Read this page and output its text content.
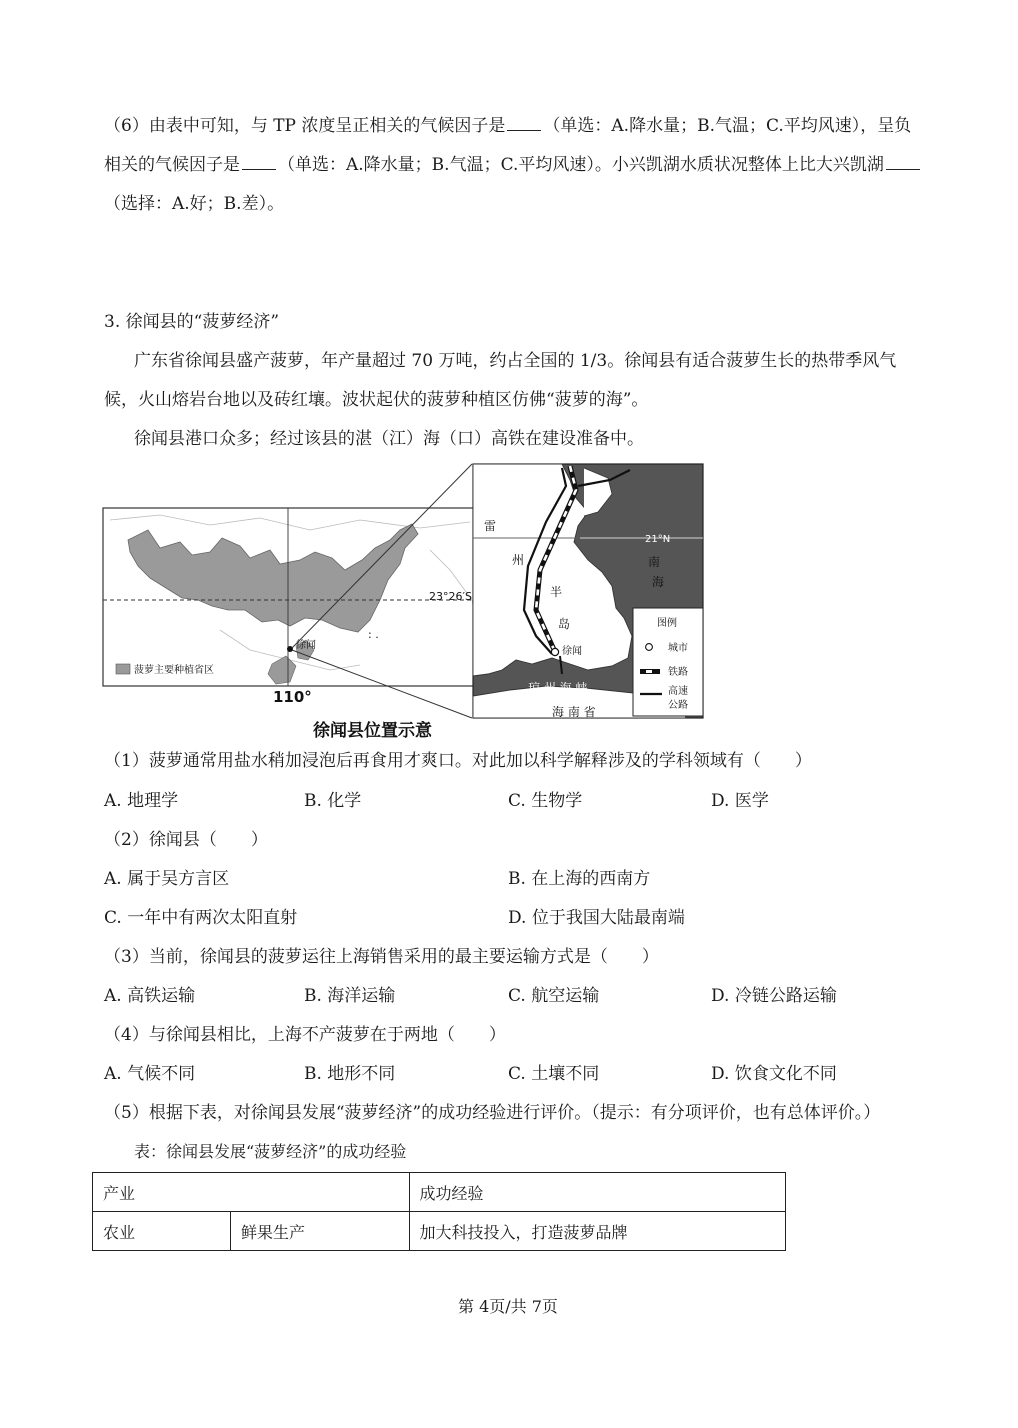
（6）由表中可知，与 TP 浓度呈正相关的气候因子是 （单选：A.降水量；B.气温；C.平均风速），呈负
相关的气候因子是 （单选：A.降水量；B.气温；C.平均风速）。小兴凯湖水质状况整体上比大兴凯湖
（选择：A.好；B.差）。
3. 徐闻县的“菠萝经济”
广东省徐闻县盛产菠萝，年产量超过 70 万吨，约占全国的 1/3。徐闻县有适合菠萝生长的热带季风气
候，火山熔岩台地以及砖红壤。波状起伏的菠萝种植区仿佛“菠萝的海”。
徐闻县港口众多；经过该县的湛（江）海（口）高铁在建设准备中。
23°26′S
徐闻
: .
菠萝主要种植省区
110°
21°N
雷
州
半
岛
南
海
徐闻
琼 州 海 峡
海 南 省
图例
城市
铁路
高速
公路
徐闻县位置示意
（1）菠萝通常用盐水稍加浸泡后再食用才爽口。对此加以科学解释涉及的学科领域有（　　）
A. 地理学	B. 化学	C. 生物学	D. 医学
（2）徐闻县（　　）
A. 属于吴方言区	B. 在上海的西南方
C. 一年中有两次太阳直射	D. 位于我国大陆最南端
（3）当前，徐闻县的菠萝运往上海销售采用的最主要运输方式是（　　）
A. 高铁运输	B. 海洋运输	C. 航空运输	D. 冷链公路运输
（4）与徐闻县相比，上海不产菠萝在于两地（　　）
A. 气候不同	B. 地形不同	C. 土壤不同	D. 饮食文化不同
（5）根据下表，对徐闻县发展“菠萝经济”的成功经验进行评价。（提示：有分项评价，也有总体评价。）
表：徐闻县发展“菠萝经济”的成功经验
产业		成功经验
农业	鲜果生产	加大科技投入，打造菠萝品牌
第 4页/共 7页
